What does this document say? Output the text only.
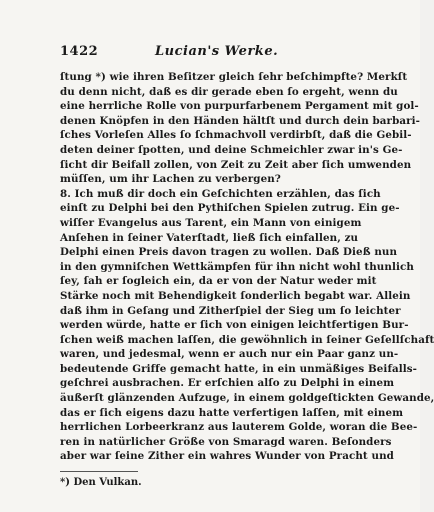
1422	Lucian's Werke.
ſtung *) wie ihren Beſitzer gleich ſehr beſchimpfte? Merkſt
du denn nicht, daß es dir gerade eben ſo ergeht, wenn du
eine herrliche Rolle von purpurfarbenem Pergament mit gol-
denen Knöpfen in den Händen hältſt und durch dein barbari-
ſches Vorleſen Alles ſo ſchmachvoll verdirbſt, daß die Gebil-
deten deiner ſpotten, und deine Schmeichler zwar in's Ge-
ſicht dir Beifall zollen, von Zeit zu Zeit aber ſich umwenden
müſſen, um ihr Lachen zu verbergen?
8. Ich muß dir doch ein Geſchichten erzählen, das ſich
einſt zu Delphi bei den Pythiſchen Spielen zutrug. Ein ge-
wiſſer Evangelus aus Tarent, ein Mann von einigem
Anſehen in ſeiner Vaterſtadt, ließ ſich einfallen, zu
Delphi einen Preis davon tragen zu wollen. Daß Dieß nun
in den gymniſchen Wettkämpfen für ihn nicht wohl thunlich
ſey, ſah er ſogleich ein, da er von der Natur weder mit
Stärke noch mit Behendigkeit ſonderlich begabt war. Allein
daß ihm in Geſang und Zitherſpiel der Sieg um ſo leichter
werden würde, hatte er ſich von einigen leichtfertigen Bur-
ſchen weiß machen laſſen, die gewöhnlich in ſeiner Geſellſchaft
waren, und jedesmal, wenn er auch nur ein Paar ganz un-
bedeutende Griffe gemacht hatte, in ein unmäßiges Beifalls-
geſchrei ausbrachen. Er erſchien alſo zu Delphi in einem
äußerſt glänzenden Aufzuge, in einem goldgeſtickten Gewande,
das er ſich eigens dazu hatte verfertigen laſſen, mit einem
herrlichen Lorbeerkranz aus lauterem Golde, woran die Bee-
ren in natürlicher Größe von Smaragd waren. Beſonders
aber war ſeine Zither ein wahres Wunder von Pracht und
*) Den Vulkan.
